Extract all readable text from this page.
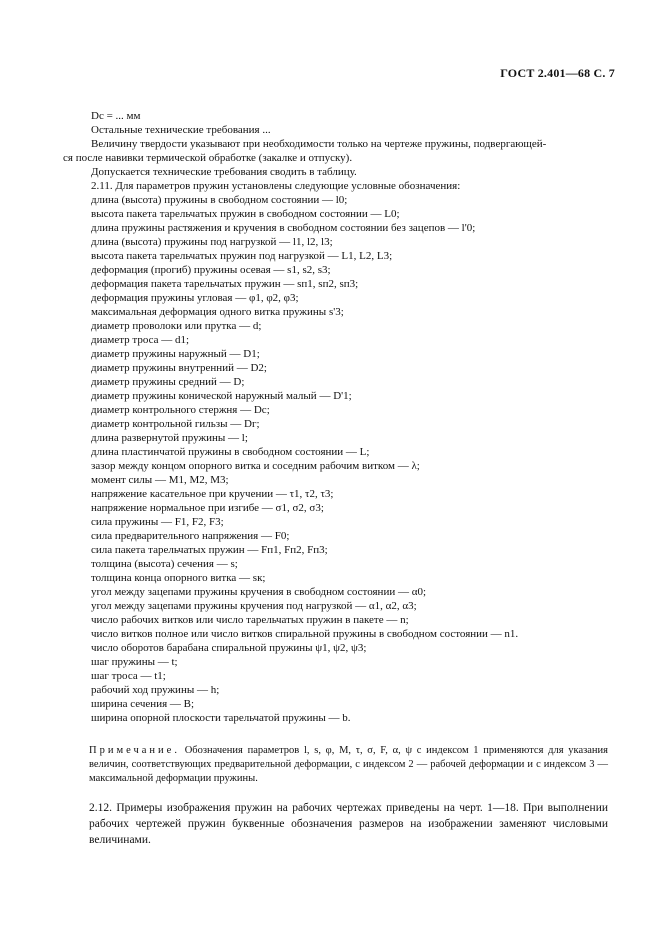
ГОСТ 2.401—68 С. 7
Dc = ... мм
Остальные технические требования ...
Величину твердости указывают при необходимости только на чертеже пружины, подвергающей-
ся после навивки термической обработке (закалке и отпуску).
Допускается технические требования сводить в таблицу.
2.11. Для параметров пружин установлены следующие условные обозначения:
длина (высота) пружины в свободном состоянии — l0;
высота пакета тарельчатых пружин в свободном состоянии — L0;
длина пружины растяжения и кручения в свободном состоянии без зацепов — l'0;
длина (высота) пружины под нагрузкой — l1, l2, l3;
высота пакета тарельчатых пружин под нагрузкой — L1, L2, L3;
деформация (прогиб) пружины осевая — s1, s2, s3;
деформация пакета тарельчатых пружин — sп1, sп2, sп3;
деформация пружины угловая — φ1, φ2, φ3;
максимальная деформация одного витка пружины s'3;
диаметр проволоки или прутка — d;
диаметр троса — d1;
диаметр пружины наружный — D1;
диаметр пружины внутренний — D2;
диаметр пружины средний — D;
диаметр пружины конической наружный малый — D'1;
диаметр контрольного стержня — Dс;
диаметр контрольной гильзы — Dг;
длина развернутой пружины — l;
длина пластинчатой пружины в свободном состоянии — L;
зазор между концом опорного витка и соседним рабочим витком — λ;
момент силы — M1, M2, M3;
напряжение касательное при кручении — τ1, τ2, τ3;
напряжение нормальное при изгибе — σ1, σ2, σ3;
сила пружины — F1, F2, F3;
сила предварительного напряжения — F0;
сила пакета тарельчатых пружин — Fп1, Fп2, Fп3;
толщина (высота) сечения — s;
толщина конца опорного витка — sк;
угол между зацепами пружины кручения в свободном состоянии — α0;
угол между зацепами пружины кручения под нагрузкой — α1, α2, α3;
число рабочих витков или число тарельчатых пружин в пакете — n;
число витков полное или число витков спиральной пружины в свободном состоянии — n1.
число оборотов барабана спиральной пружины ψ1, ψ2, ψ3;
шаг пружины — t;
шаг троса — t1;
рабочий ход пружины — h;
ширина сечения — B;
ширина опорной плоскости тарельчатой пружины — b.
Примечание. Обозначения параметров l, s, φ, M, τ, σ, F, α, ψ с индексом 1 применяются для указания величин, соответствующих предварительной деформации, с индексом 2 — рабочей деформации и с индексом 3 — максимальной деформации пружины.
2.12. Примеры изображения пружин на рабочих чертежах приведены на черт. 1—18. При выполнении рабочих чертежей пружин буквенные обозначения размеров на изображении заменяют числовыми величинами.
